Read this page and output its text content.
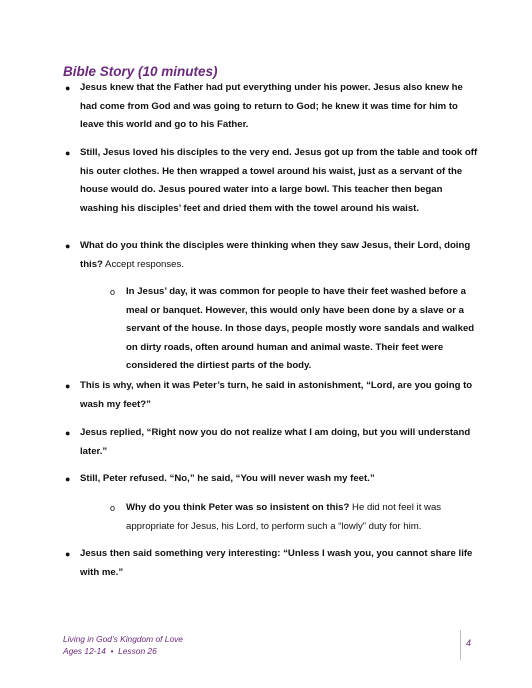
Bible Story (10 minutes)
● Jesus knew that the Father had put everything under his power. Jesus also knew he had come from God and was going to return to God; he knew it was time for him to leave this world and go to his Father.
● Still, Jesus loved his disciples to the very end. Jesus got up from the table and took off his outer clothes. He then wrapped a towel around his waist, just as a servant of the house would do. Jesus poured water into a large bowl. This teacher then began washing his disciples’ feet and dried them with the towel around his waist.
● What do you think the disciples were thinking when they saw Jesus, their Lord, doing this? Accept responses.
o In Jesus’ day, it was common for people to have their feet washed before a meal or banquet. However, this would only have been done by a slave or a servant of the house. In those days, people mostly wore sandals and walked on dirty roads, often around human and animal waste. Their feet were considered the dirtiest parts of the body.
● This is why, when it was Peter’s turn, he said in astonishment, “Lord, are you going to wash my feet?”
● Jesus replied, “Right now you do not realize what I am doing, but you will understand later.”
● Still, Peter refused. “No,” he said, “You will never wash my feet.”
o Why do you think Peter was so insistent on this? He did not feel it was appropriate for Jesus, his Lord, to perform such a “lowly” duty for him.
● Jesus then said something very interesting: “Unless I wash you, you cannot share life with me.”
Living in God’s Kingdom of Love
Ages 12-14 • Lesson 26
4
